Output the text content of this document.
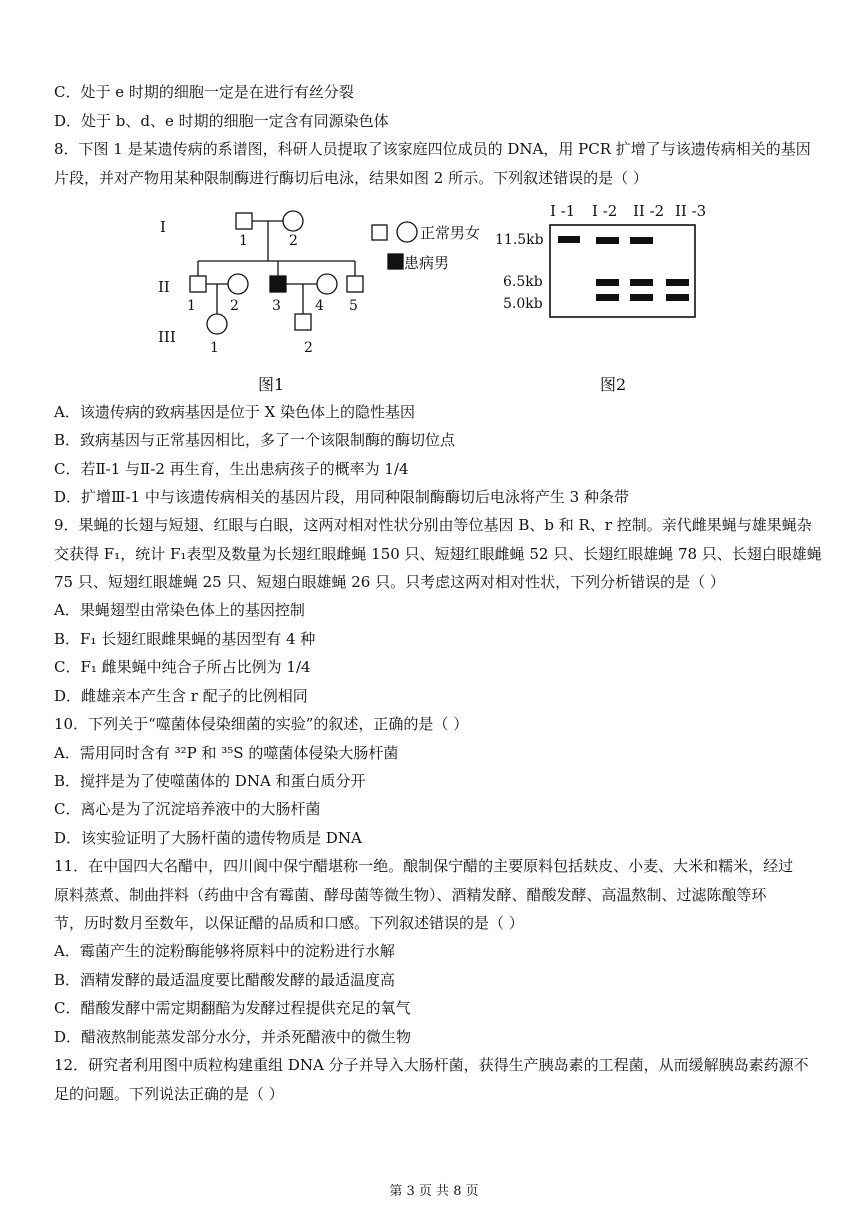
C．处于 e 时期的细胞一定是在进行有丝分裂
D．处于 b、d、e 时期的细胞一定含有同源染色体
8．下图 1 是某遗传病的系谱图，科研人员提取了该家庭四位成员的 DNA，用 PCR 扩增了与该遗传病相关的基因
片段，并对产物用某种限制酶进行酶切后电泳，结果如图 2 所示。下列叙述错误的是（ ）
I
II
III
1	2
1 2 3 4 5
1	2
正常男女
患病男
图1
I -1 I -2 II -2 II -3
11.5kb
6.5kb
5.0kb
图2
A．该遗传病的致病基因是位于 X 染色体上的隐性基因
B．致病基因与正常基因相比，多了一个该限制酶的酶切位点
C．若Ⅱ-1 与Ⅱ-2 再生育，生出患病孩子的概率为 1/4
D．扩增Ⅲ-1 中与该遗传病相关的基因片段，用同种限制酶酶切后电泳将产生 3 种条带
9．果蝇的长翅与短翅、红眼与白眼，这两对相对性状分别由等位基因 B、b 和 R、r 控制。亲代雌果蝇与雄果蝇杂
交获得 F₁，统计 F₁表型及数量为长翅红眼雌蝇 150 只、短翅红眼雌蝇 52 只、长翅红眼雄蝇 78 只、长翅白眼雄蝇
75 只、短翅红眼雄蝇 25 只、短翅白眼雄蝇 26 只。只考虑这两对相对性状，下列分析错误的是（ ）
A．果蝇翅型由常染色体上的基因控制
B．F₁ 长翅红眼雌果蝇的基因型有 4 种
C．F₁ 雌果蝇中纯合子所占比例为 1/4
D．雌雄亲本产生含 r 配子的比例相同
10．下列关于“噬菌体侵染细菌的实验”的叙述，正确的是（ ）
A．需用同时含有 ³²P 和 ³⁵S 的噬菌体侵染大肠杆菌
B．搅拌是为了使噬菌体的 DNA 和蛋白质分开
C．离心是为了沉淀培养液中的大肠杆菌
D．该实验证明了大肠杆菌的遗传物质是 DNA
11．在中国四大名醋中，四川阆中保宁醋堪称一绝。酿制保宁醋的主要原料包括麸皮、小麦、大米和糯米，经过
原料蒸煮、制曲拌料（药曲中含有霉菌、酵母菌等微生物）、酒精发酵、醋酸发酵、高温熬制、过滤陈酿等环
节，历时数月至数年，以保证醋的品质和口感。下列叙述错误的是（ ）
A．霉菌产生的淀粉酶能够将原料中的淀粉进行水解
B．酒精发酵的最适温度要比醋酸发酵的最适温度高
C．醋酸发酵中需定期翻醅为发酵过程提供充足的氧气
D．醋液熬制能蒸发部分水分，并杀死醋液中的微生物
12．研究者利用图中质粒构建重组 DNA 分子并导入大肠杆菌，获得生产胰岛素的工程菌，从而缓解胰岛素药源不
足的问题。下列说法正确的是（ ）
第 3 页 共 8 页
